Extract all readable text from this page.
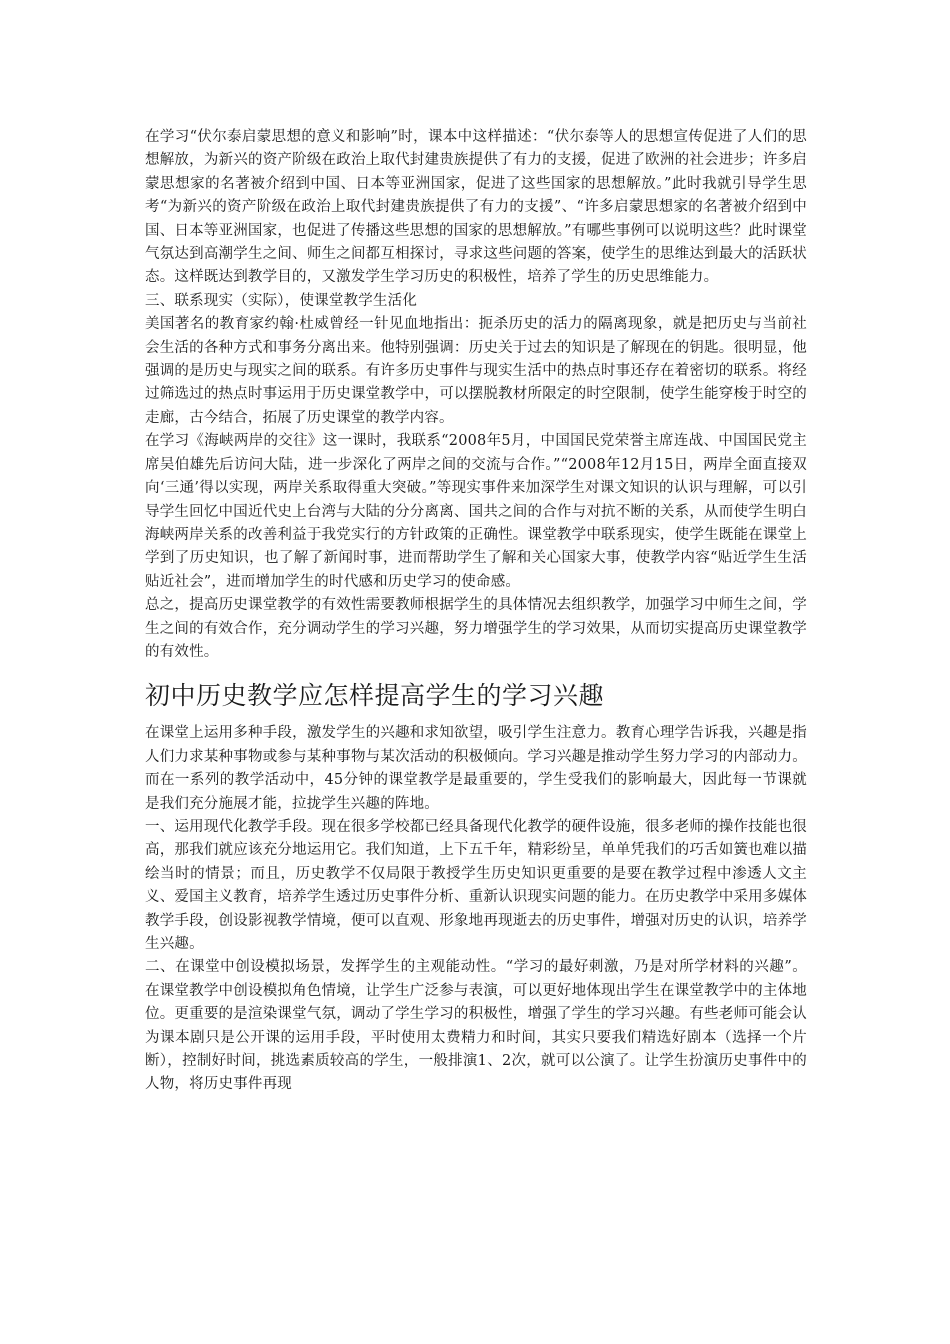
在学习“伏尔泰启蒙思想的意义和影响”时，课本中这样描述：“伏尔泰等人的思想宣传促进了人们的思想解放，为新兴的资产阶级在政治上取代封建贵族提供了有力的支援，促进了欧洲的社会进步；许多启蒙思想家的名著被介绍到中国、日本等亚洲国家，促进了这些国家的思想解放。”此时我就引导学生思考“为新兴的资产阶级在政治上取代封建贵族提供了有力的支援”、“许多启蒙思想家的名著被介绍到中国、日本等亚洲国家，也促进了传播这些思想的国家的思想解放。”有哪些事例可以说明这些？此时课堂气氛达到高潮学生之间、师生之间都互相探讨，寻求这些问题的答案，使学生的思维达到最大的活跃状态。这样既达到教学目的，又激发学生学习历史的积极性，培养了学生的历史思维能力。

三、联系现实（实际），使课堂教学生活化

美国著名的教育家约翰·杜威曾经一针见血地指出：扼杀历史的活力的隔离现象，就是把历史与当前社会生活的各种方式和事务分离出来。他特别强调：历史关于过去的知识是了解现在的钥匙。很明显，他强调的是历史与现实之间的联系。有许多历史事件与现实生活中的热点时事还存在着密切的联系。将经过筛选过的热点时事运用于历史课堂教学中，可以摆脱教材所限定的时空限制，使学生能穿梭于时空的走廊，古今结合，拓展了历史课堂的教学内容。

在学习《海峡两岸的交往》这一课时，我联系“2008年5月，中国国民党荣誉主席连战、中国国民党主席吴伯雄先后访问大陆，进一步深化了两岸之间的交流与合作。”“2008年12月15日，两岸全面直接双向‘三通’得以实现，两岸关系取得重大突破。”等现实事件来加深学生对课文知识的认识与理解，可以引导学生回忆中国近代史上台湾与大陆的分分离离、国共之间的合作与对抗不断的关系，从而使学生明白海峡两岸关系的改善利益于我党实行的方针政策的正确性。课堂教学中联系现实，使学生既能在课堂上学到了历史知识，也了解了新闻时事，进而帮助学生了解和关心国家大事，使教学内容“贴近学生生活贴近社会”，进而增加学生的时代感和历史学习的使命感。

总之，提高历史课堂教学的有效性需要教师根据学生的具体情况去组织教学，加强学习中师生之间，学生之间的有效合作，充分调动学生的学习兴趣，努力增强学生的学习效果，从而切实提高历史课堂教学的有效性。

初中历史教学应怎样提高学生的学习兴趣

在课堂上运用多种手段，激发学生的兴趣和求知欲望，吸引学生注意力。教育心理学告诉我，兴趣是指人们力求某种事物或参与某种事物与某次活动的积极倾向。学习兴趣是推动学生努力学习的内部动力。而在一系列的教学活动中，45分钟的课堂教学是最重要的，学生受我们的影响最大，因此每一节课就是我们充分施展才能，拉拢学生兴趣的阵地。

一、运用现代化教学手段。现在很多学校都已经具备现代化教学的硬件设施，很多老师的操作技能也很高，那我们就应该充分地运用它。我们知道，上下五千年，精彩纷呈，单单凭我们的巧舌如簧也难以描绘当时的情景；而且，历史教学不仅局限于教授学生历史知识更重要的是要在教学过程中渗透人文主义、爱国主义教育，培养学生透过历史事件分析、重新认识现实问题的能力。在历史教学中采用多媒体教学手段，创设影视教学情境，便可以直观、形象地再现逝去的历史事件，增强对历史的认识，培养学生兴趣。

二、在课堂中创设模拟场景，发挥学生的主观能动性。“学习的最好刺激，乃是对所学材料的兴趣”。在课堂教学中创设模拟角色情境，让学生广泛参与表演，可以更好地体现出学生在课堂教学中的主体地位。更重要的是渲染课堂气氛，调动了学生学习的积极性，增强了学生的学习兴趣。有些老师可能会认为课本剧只是公开课的运用手段，平时使用太费精力和时间，其实只要我们精选好剧本（选择一个片断），控制好时间，挑选素质较高的学生，一般排演1、2次，就可以公演了。让学生扮演历史事件中的人物，将历史事件再现
